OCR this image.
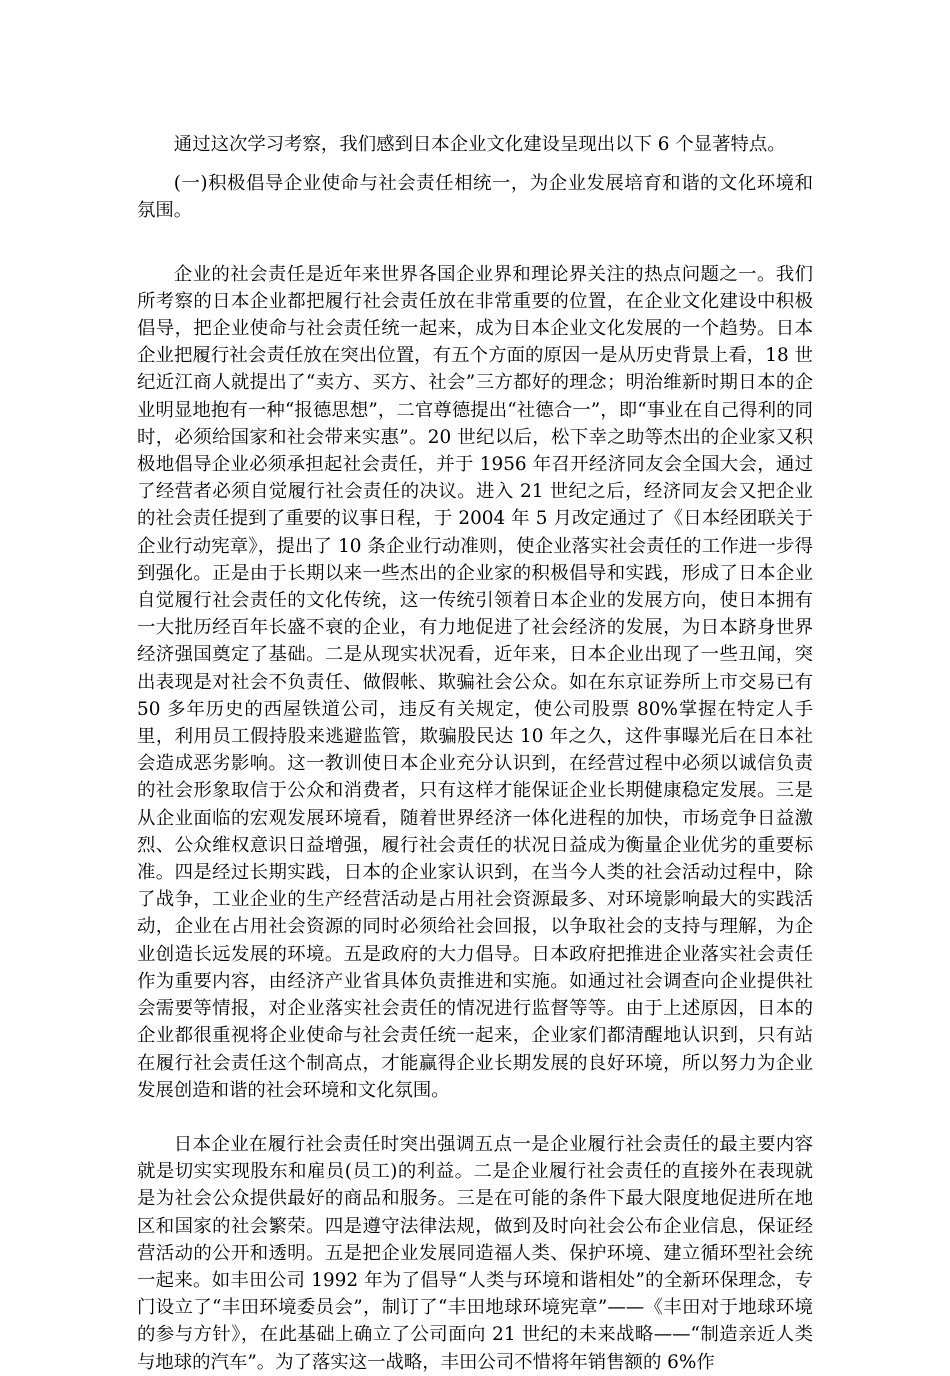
通过这次学习考察，我们感到日本企业文化建设呈现出以下 6 个显著特点。

(一)积极倡导企业使命与社会责任相统一，为企业发展培育和谐的文化环境和氛围。

企业的社会责任是近年来世界各国企业界和理论界关注的热点问题之一。我们所考察的日本企业都把履行社会责任放在非常重要的位置，在企业文化建设中积极倡导，把企业使命与社会责任统一起来，成为日本企业文化发展的一个趋势。日本企业把履行社会责任放在突出位置，有五个方面的原因一是从历史背景上看，18 世纪近江商人就提出了“卖方、买方、社会”三方都好的理念；明治维新时期日本的企业明显地抱有一种“报德思想”，二官尊德提出“社德合一”，即“事业在自己得利的同时，必须给国家和社会带来实惠”。20 世纪以后，松下幸之助等杰出的企业家又积极地倡导企业必须承担起社会责任，并于 1956 年召开经济同友会全国大会，通过了经营者必须自觉履行社会责任的决议。进入 21 世纪之后，经济同友会又把企业的社会责任提到了重要的议事日程，于 2004 年 5 月改定通过了《日本经团联关于企业行动宪章》，提出了 10 条企业行动准则，使企业落实社会责任的工作进一步得到强化。正是由于长期以来一些杰出的企业家的积极倡导和实践，形成了日本企业自觉履行社会责任的文化传统，这一传统引领着日本企业的发展方向，使日本拥有一大批历经百年长盛不衰的企业，有力地促进了社会经济的发展，为日本跻身世界经济强国奠定了基础。二是从现实状况看，近年来，日本企业出现了一些丑闻，突出表现是对社会不负责任、做假帐、欺骗社会公众。如在东京证券所上市交易已有 50 多年历史的西屋铁道公司，违反有关规定，使公司股票 80%掌握在特定人手里，利用员工假持股来逃避监管，欺骗股民达 10 年之久，这件事曝光后在日本社会造成恶劣影响。这一教训使日本企业充分认识到，在经营过程中必须以诚信负责的社会形象取信于公众和消费者，只有这样才能保证企业长期健康稳定发展。三是从企业面临的宏观发展环境看，随着世界经济一体化进程的加快，市场竞争日益激烈、公众维权意识日益增强，履行社会责任的状况日益成为衡量企业优劣的重要标准。四是经过长期实践，日本的企业家认识到，在当今人类的社会活动过程中，除了战争，工业企业的生产经营活动是占用社会资源最多、对环境影响最大的实践活动，企业在占用社会资源的同时必须给社会回报，以争取社会的支持与理解，为企业创造长远发展的环境。五是政府的大力倡导。日本政府把推进企业落实社会责任作为重要内容，由经济产业省具体负责推进和实施。如通过社会调查向企业提供社会需要等情报，对企业落实社会责任的情况进行监督等等。由于上述原因，日本的企业都很重视将企业使命与社会责任统一起来，企业家们都清醒地认识到，只有站在履行社会责任这个制高点，才能赢得企业长期发展的良好环境，所以努力为企业发展创造和谐的社会环境和文化氛围。

日本企业在履行社会责任时突出强调五点一是企业履行社会责任的最主要内容就是切实实现股东和雇员(员工)的利益。二是企业履行社会责任的直接外在表现就是为社会公众提供最好的商品和服务。三是在可能的条件下最大限度地促进所在地区和国家的社会繁荣。四是遵守法律法规，做到及时向社会公布企业信息，保证经营活动的公开和透明。五是把企业发展同造福人类、保护环境、建立循环型社会统一起来。如丰田公司 1992 年为了倡导“人类与环境和谐相处”的全新环保理念，专门设立了“丰田环境委员会”，制订了“丰田地球环境宪章”——《丰田对于地球环境的参与方针》，在此基础上确立了公司面向 21 世纪的未来战略——“制造亲近人类与地球的汽车”。为了落实这一战略，丰田公司不惜将年销售额的 6%作
